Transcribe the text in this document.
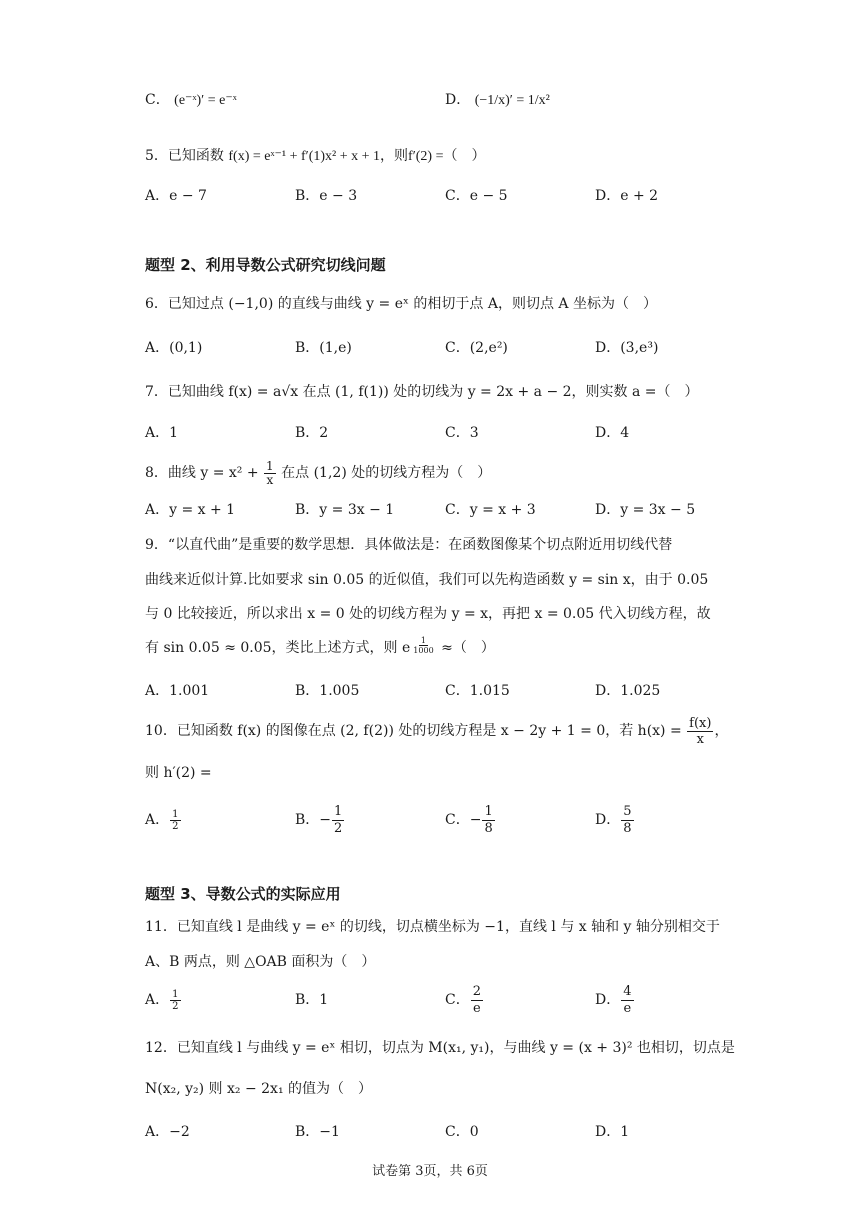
C． (e⁻ˣ)′ = e⁻ˣ	D． (−1/x)′ = 1/x²
5．已知函数 f(x) = eˣ⁻¹ + f′(1)x² + x + 1，则f′(2) =（　）
A．e − 7	B．e − 3	C．e − 5	D．e + 2
题型 2、利用导数公式研究切线问题
6．已知过点 (−1,0) 的直线与曲线 y = eˣ 的相切于点 A，则切点 A 坐标为（　）
A．(0,1)	B．(1,e)	C．(2,e²)	D．(3,e³)
7．已知曲线 f(x) = a√x 在点 (1, f(1)) 处的切线为 y = 2x + a − 2，则实数 a =（　）
A．1	B．2	C．3	D．4
8．曲线 $y = x^2 + \frac{1}{x}$ 在点 (1,2) 处的切线方程为（　）
A．y = x + 1	B．y = 3x − 1	C．y = x + 3	D．y = 3x − 5
9．“以直代曲”是重要的数学思想．具体做法是：在函数图像某个切点附近用切线代替
曲线来近似计算.比如要求 sin 0.05 的近似值，我们可以先构造函数 y = sin x，由于 0.05
与 0 比较接近，所以求出 x = 0 处的切线方程为 y = x，再把 x = 0.05 代入切线方程，故
有 sin 0.05 ≈ 0.05，类比上述方式，则 e $\frac{1}{1000}$ ≈（　）
A．1.001	B．1.005	C．1.015	D．1.025
10．已知函数 f(x) 的图像在点 (2, f(2)) 处的切线方程是 x − 2y + 1 = 0，若 $h(x) = \frac{f(x)}{x}$ ，
则 h′(2) =
A． $\frac{1}{2}$	B．− $\frac{1}{2}$	C．− $\frac{1}{8}$	D． $\frac{5}{8}$
题型 3、导数公式的实际应用
11．已知直线 l 是曲线 y = eˣ 的切线，切点横坐标为 −1，直线 l 与 x 轴和 y 轴分别相交于
A、B 两点，则 △OAB 面积为（　）
A． $\frac{1}{2}$	B．1	C． $\frac{2}{e}$	D． $\frac{4}{e}$
12．已知直线 l 与曲线 y = eˣ 相切，切点为 M(x₁, y₁)，与曲线 y = (x + 3)² 也相切，切点是
N(x₂, y₂) 则 x₂ − 2x₁ 的值为（　）
A．−2	B．−1	C．0	D．1
试卷第 3页，共 6页
